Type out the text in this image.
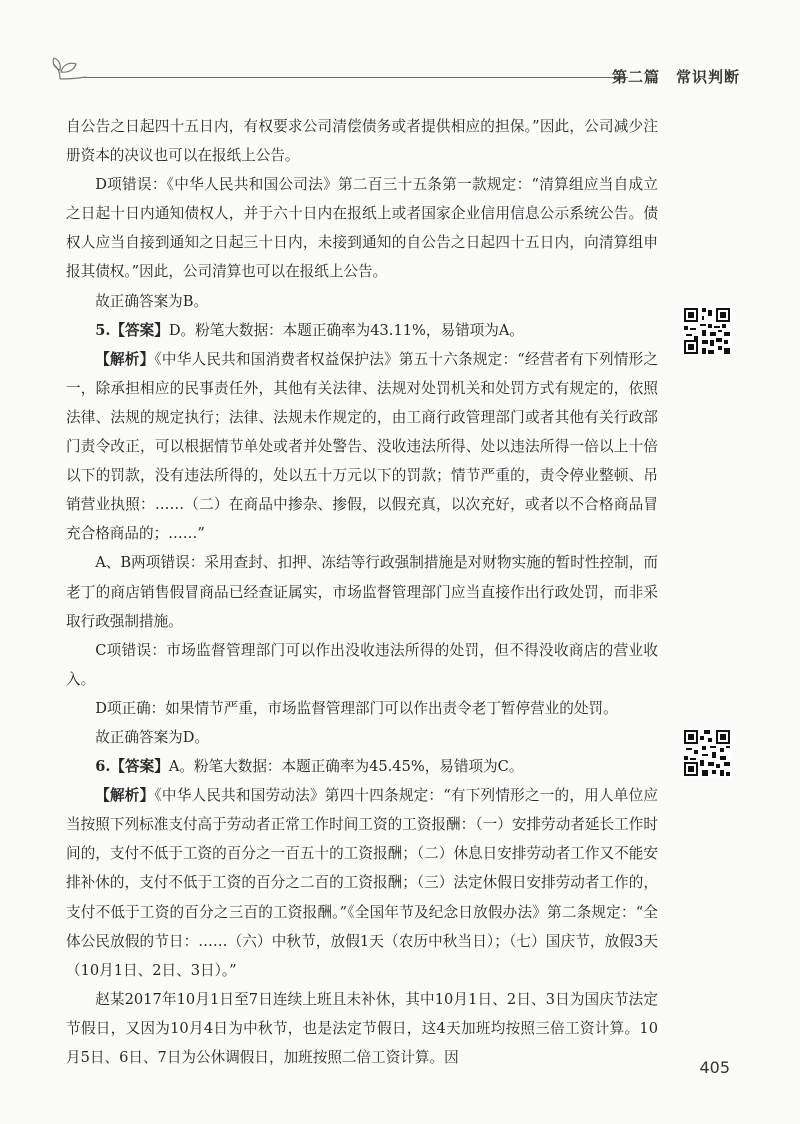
第二篇　常识判断

自公告之日起四十五日内，有权要求公司清偿债务或者提供相应的担保。”因此，公司减少注册资本的决议也可以在报纸上公告。

D项错误：《中华人民共和国公司法》第二百三十五条第一款规定：“清算组应当自成立之日起十日内通知债权人，并于六十日内在报纸上或者国家企业信用信息公示系统公告。债权人应当自接到通知之日起三十日内，未接到通知的自公告之日起四十五日内，向清算组申报其债权。”因此，公司清算也可以在报纸上公告。

故正确答案为B。

5.【答案】D。粉笔大数据：本题正确率为43.11%，易错项为A。

【解析】《中华人民共和国消费者权益保护法》第五十六条规定：“经营者有下列情形之一，除承担相应的民事责任外，其他有关法律、法规对处罚机关和处罚方式有规定的，依照法律、法规的规定执行；法律、法规未作规定的，由工商行政管理部门或者其他有关行政部门责令改正，可以根据情节单处或者并处警告、没收违法所得、处以违法所得一倍以上十倍以下的罚款，没有违法所得的，处以五十万元以下的罚款；情节严重的，责令停业整顿、吊销营业执照：……（二）在商品中掺杂、掺假，以假充真，以次充好，或者以不合格商品冒充合格商品的；……”

A、B两项错误：采用查封、扣押、冻结等行政强制措施是对财物实施的暂时性控制，而老丁的商店销售假冒商品已经查证属实，市场监督管理部门应当直接作出行政处罚，而非采取行政强制措施。

C项错误：市场监督管理部门可以作出没收违法所得的处罚，但不得没收商店的营业收入。

D项正确：如果情节严重，市场监督管理部门可以作出责令老丁暂停营业的处罚。

故正确答案为D。

6.【答案】A。粉笔大数据：本题正确率为45.45%，易错项为C。

【解析】《中华人民共和国劳动法》第四十四条规定：“有下列情形之一的，用人单位应当按照下列标准支付高于劳动者正常工作时间工资的工资报酬：（一）安排劳动者延长工作时间的，支付不低于工资的百分之一百五十的工资报酬；（二）休息日安排劳动者工作又不能安排补休的，支付不低于工资的百分之二百的工资报酬；（三）法定休假日安排劳动者工作的，支付不低于工资的百分之三百的工资报酬。”《全国年节及纪念日放假办法》第二条规定：“全体公民放假的节日：……（六）中秋节，放假1天（农历中秋当日）；（七）国庆节，放假3天（10月1日、2日、3日）。”

赵某2017年10月1日至7日连续上班且未补休，其中10月1日、2日、3日为国庆节法定节假日，又因为10月4日为中秋节，也是法定节假日，这4天加班均按照三倍工资计算。10月5日、6日、7日为公休调假日，加班按照二倍工资计算。因

405
